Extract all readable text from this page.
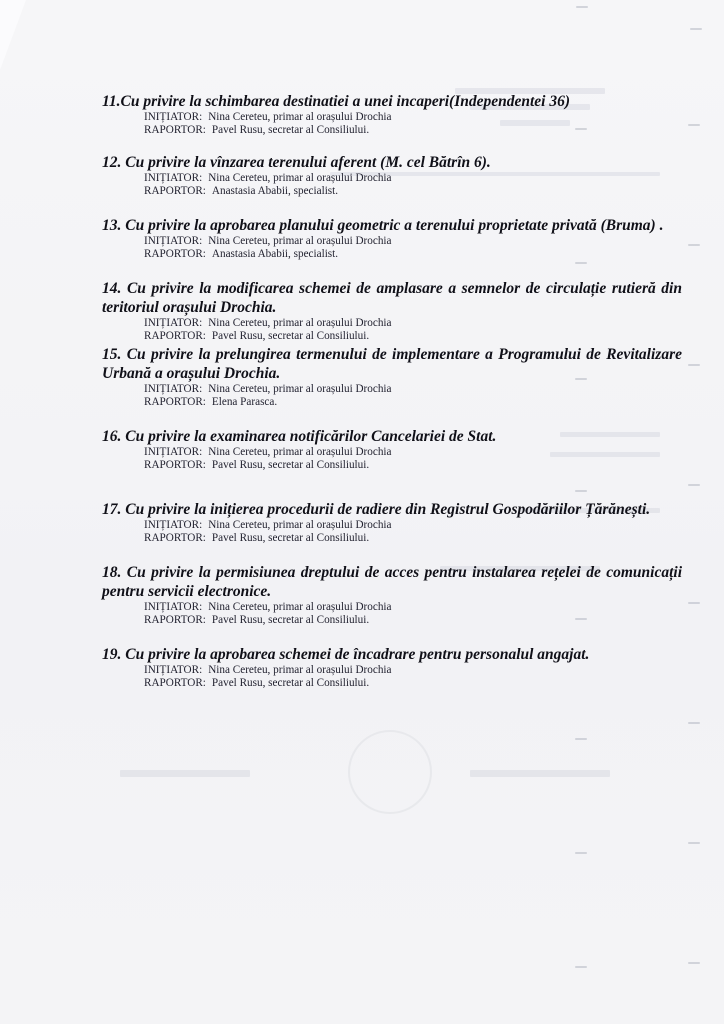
11.Cu privire la schimbarea destinatiei a unei incaperi(Independentei 36)

INIȚIATOR: Nina Cereteu, primar al orașului Drochia

RAPORTOR: Pavel Rusu, secretar al Consiliului.

12. Cu privire la vînzarea terenului aferent (M. cel Bătrîn 6).

INIȚIATOR: Nina Cereteu, primar al orașului Drochia

RAPORTOR: Anastasia Ababii, specialist.

13. Cu privire la aprobarea planului geometric a terenului proprietate privată (Bruma) .

INIȚIATOR: Nina Cereteu, primar al orașului Drochia

RAPORTOR: Anastasia Ababii, specialist.

14. Cu privire la modificarea schemei de amplasare a semnelor de circulație rutieră din teritoriul orașului Drochia.

INIȚIATOR: Nina Cereteu, primar al orașului Drochia

RAPORTOR: Pavel Rusu, secretar al Consiliului.

15. Cu privire la prelungirea termenului de implementare a Programului de Revitalizare Urbană a orașului Drochia.

INIȚIATOR: Nina Cereteu, primar al orașului Drochia

RAPORTOR: Elena Parasca.

16. Cu privire la examinarea notificărilor Cancelariei de Stat.

INIȚIATOR: Nina Cereteu, primar al orașului Drochia

RAPORTOR: Pavel Rusu, secretar al Consiliului.

17. Cu privire la inițierea procedurii de radiere din Registrul Gospodăriilor Țărănești.

INIȚIATOR: Nina Cereteu, primar al orașului Drochia

RAPORTOR: Pavel Rusu, secretar al Consiliului.

18. Cu privire la permisiunea dreptului de acces pentru instalarea rețelei de comunicații pentru servicii electronice.

INIȚIATOR: Nina Cereteu, primar al orașului Drochia

RAPORTOR: Pavel Rusu, secretar al Consiliului.

19. Cu privire la aprobarea schemei de încadrare pentru personalul angajat.

INIȚIATOR: Nina Cereteu, primar al orașului Drochia

RAPORTOR: Pavel Rusu, secretar al Consiliului.
